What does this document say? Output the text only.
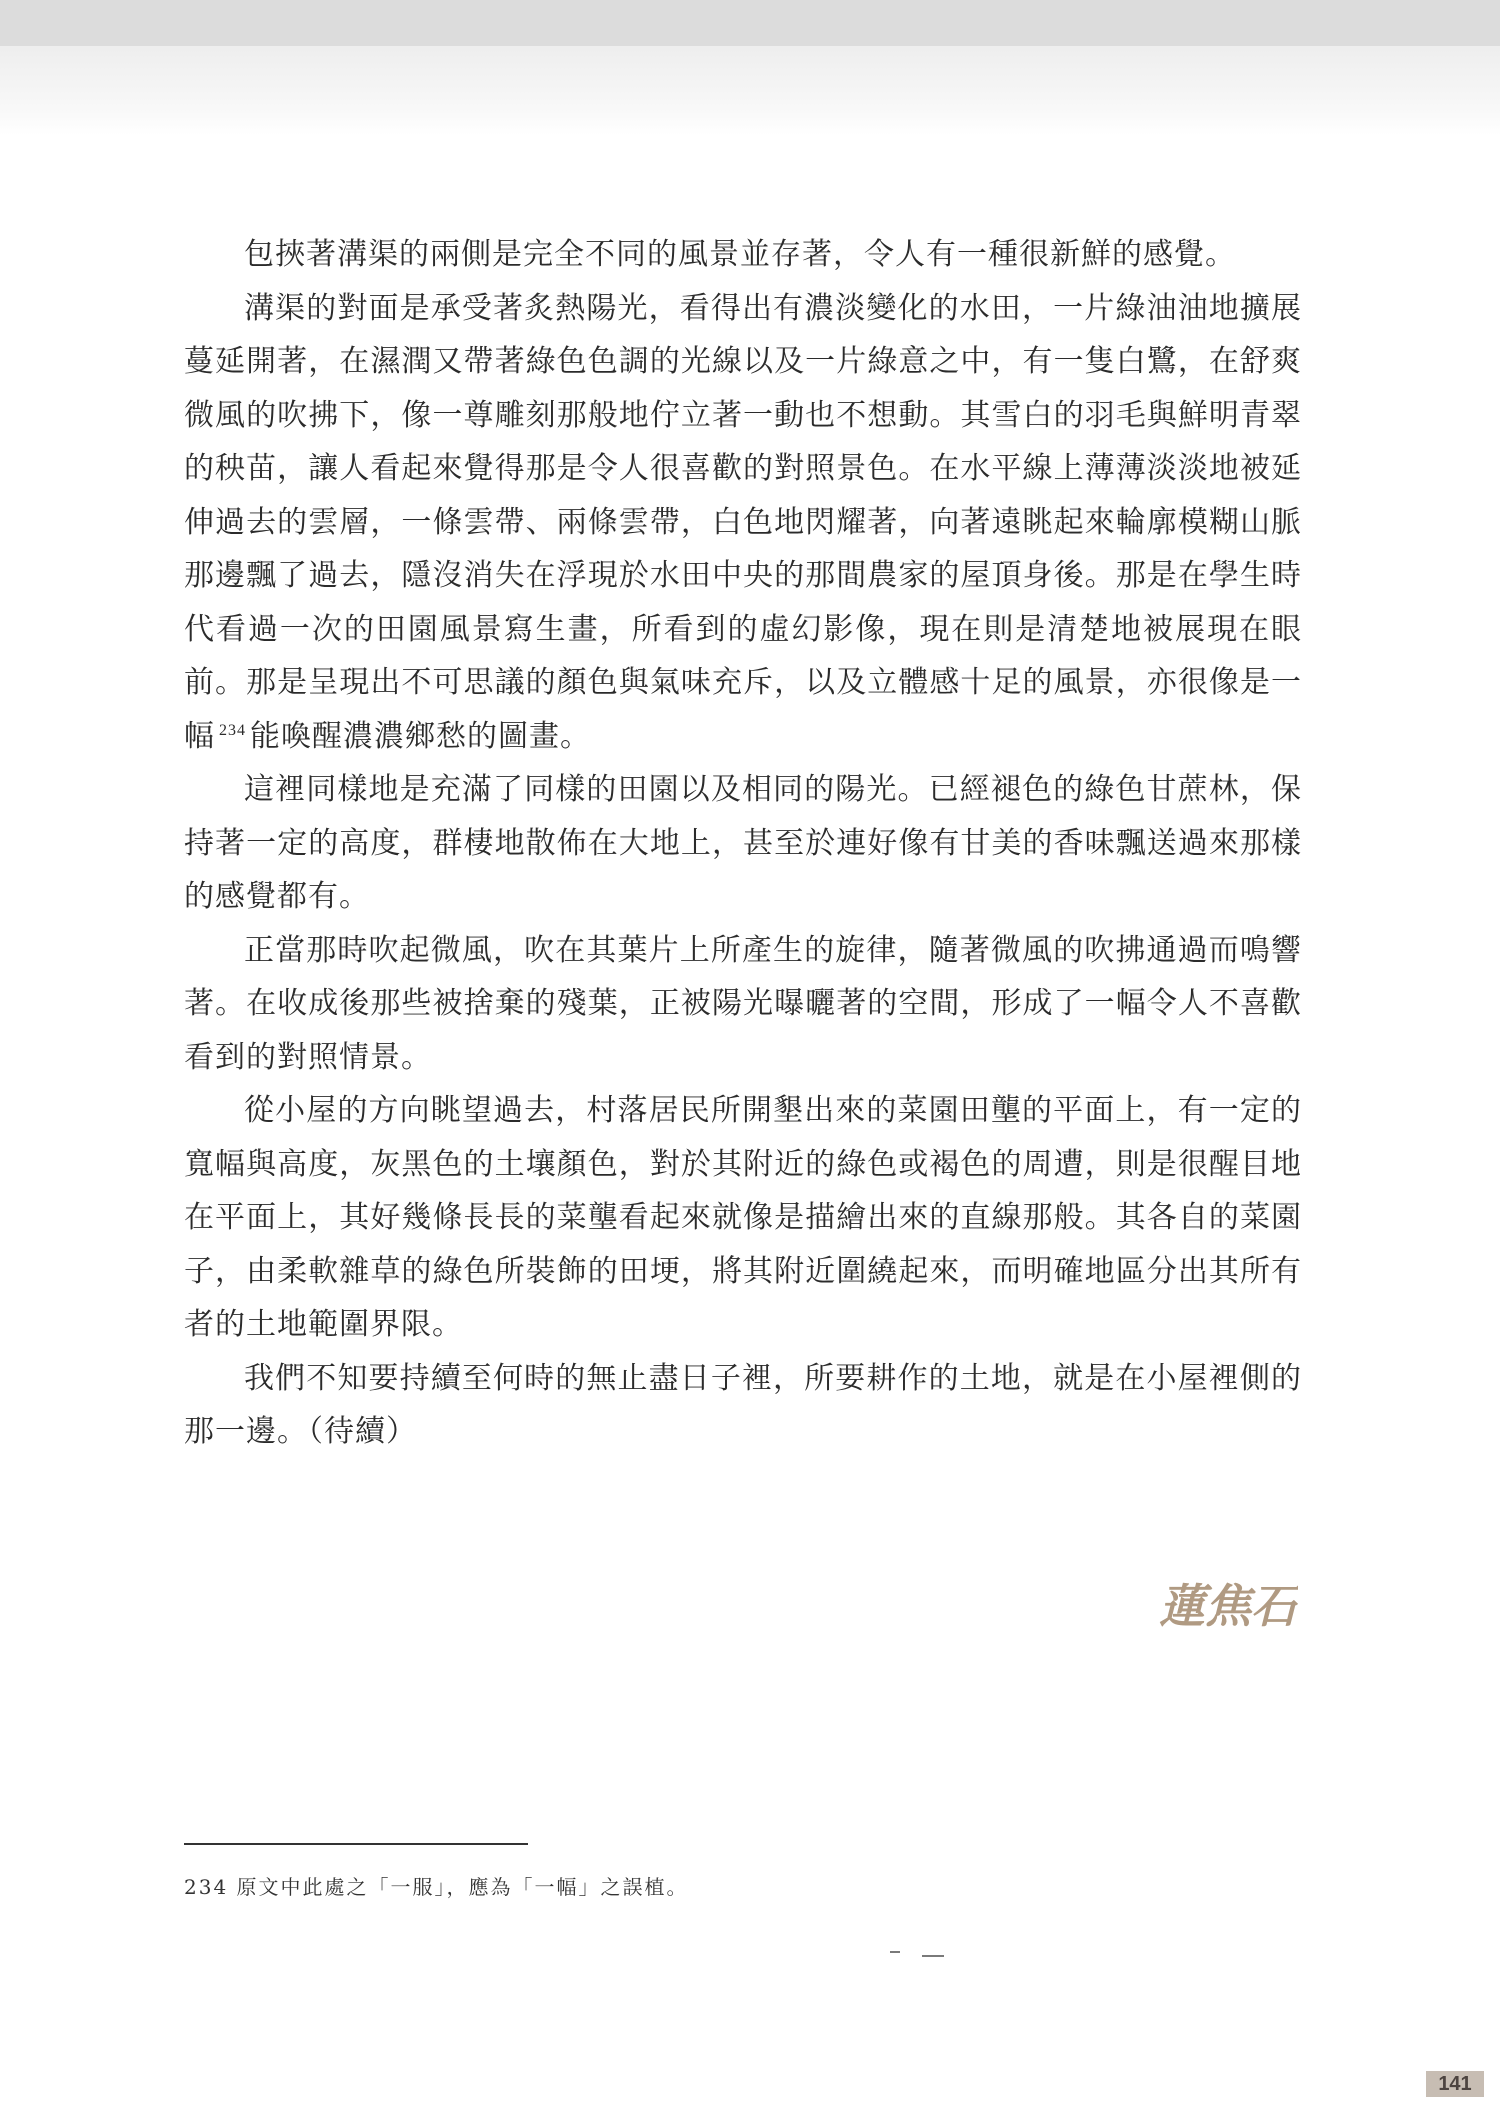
包挾著溝渠的兩側是完全不同的風景並存著，令人有一種很新鮮的感覺。

溝渠的對面是承受著炙熱陽光，看得出有濃淡變化的水田，一片綠油油地擴展蔓延開著，在濕潤又帶著綠色色調的光線以及一片綠意之中，有一隻白鷺，在舒爽微風的吹拂下，像一尊雕刻那般地佇立著一動也不想動。其雪白的羽毛與鮮明青翠的秧苗，讓人看起來覺得那是令人很喜歡的對照景色。在水平線上薄薄淡淡地被延伸過去的雲層，一條雲帶、兩條雲帶，白色地閃耀著，向著遠眺起來輪廓模糊山脈那邊飄了過去，隱沒消失在浮現於水田中央的那間農家的屋頂身後。那是在學生時代看過一次的田園風景寫生畫，所看到的虛幻影像，現在則是清楚地被展現在眼前。那是呈現出不可思議的顏色與氣味充斥，以及立體感十足的風景，亦很像是一幅 $^{234}$ 能喚醒濃濃鄉愁的圖畫。

這裡同樣地是充滿了同樣的田園以及相同的陽光。已經褪色的綠色甘蔗林，保持著一定的高度，群棲地散佈在大地上，甚至於連好像有甘美的香味飄送過來那樣的感覺都有。

正當那時吹起微風，吹在其葉片上所產生的旋律，隨著微風的吹拂通過而鳴響著。在收成後那些被捨棄的殘葉，正被陽光曝曬著的空間，形成了一幅令人不喜歡看到的對照情景。

從小屋的方向眺望過去，村落居民所開墾出來的菜園田壟的平面上，有一定的寬幅與高度，灰黑色的土壤顏色，對於其附近的綠色或褐色的周遭，則是很醒目地在平面上，其好幾條長長的菜壟看起來就像是描繪出來的直線那般。其各自的菜園子，由柔軟雜草的綠色所裝飾的田埂，將其附近圍繞起來，而明確地區分出其所有者的土地範圍界限。

我們不知要持續至何時的無止盡日子裡，所要耕作的土地，就是在小屋裡側的那一邊。（待續）

蓮焦石
234 原文中此處之「一服」，應為「一幅」之誤植。
141
